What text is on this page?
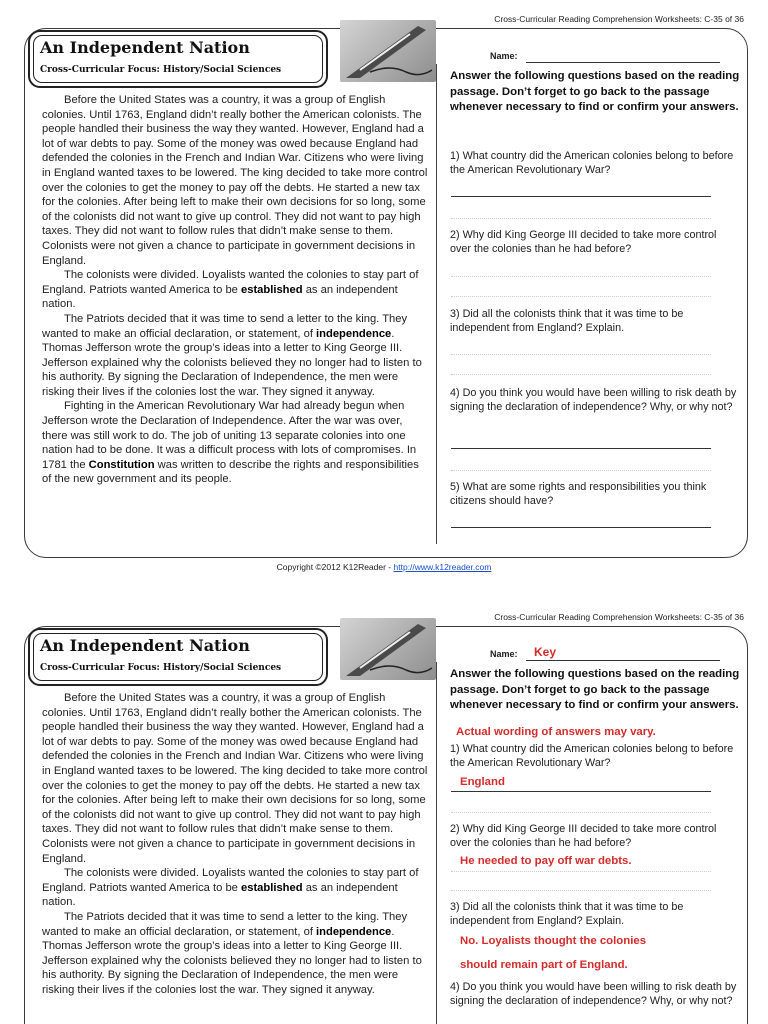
Cross-Curricular Reading Comprehension Worksheets: C-35 of 36
An Independent Nation
Cross-Curricular Focus: History/Social Sciences

Before the United States was a country, it was a group of English colonies. Until 1763, England didn’t really bother the American colonists. The people handled their business the way they wanted. However, England had a lot of war debts to pay. Some of the money was owed because England had defended the colonies in the French and Indian War. Citizens who were living in England wanted taxes to be lowered. The king decided to take more control over the colonies to get the money to pay off the debts. He started a new tax for the colonies. After being left to make their own decisions for so long, some of the colonists did not want to give up control. They did not want to pay high taxes. They did not want to follow rules that didn’t make sense to them. Colonists were not given a chance to participate in government decisions in England.

The colonists were divided. Loyalists wanted the colonies to stay part of England. Patriots wanted America to be established as an independent nation.

The Patriots decided that it was time to send a letter to the king. They wanted to make an official declaration, or statement, of independence. Thomas Jefferson wrote the group’s ideas into a letter to King George III. Jefferson explained why the colonists believed they no longer had to listen to his authority. By signing the Declaration of Independence, the men were risking their lives if the colonies lost the war. They signed it anyway.

Fighting in the American Revolutionary War had already begun when Jefferson wrote the Declaration of Independence. After the war was over, there was still work to do. The job of uniting 13 separate colonies into one nation had to be done. It was a difficult process with lots of compromises. In 1781 the Constitution was written to describe the rights and responsibilities of the new government and its people.

Name:
Answer the following questions based on the reading passage. Don’t forget to go back to the passage whenever necessary to find or confirm your answers.
1) What country did the American colonies belong to before the American Revolutionary War?
2) Why did King George III decided to take more control over the colonies than he had before?
3) Did all the colonists think that it was time to be independent from England? Explain.
4) Do you think you would have been willing to risk death by signing the declaration of independence? Why, or why not?
5) What are some rights and responsibilities you think citizens should have?
Copyright ©2012 K12Reader - http://www.k12reader.com
Cross-Curricular Reading Comprehension Worksheets: C-35 of 36
An Independent Nation
Cross-Curricular Focus: History/Social Sciences

Before the United States was a country, it was a group of English colonies. Until 1763, England didn’t really bother the American colonists. The people handled their business the way they wanted. However, England had a lot of war debts to pay. Some of the money was owed because England had defended the colonies in the French and Indian War. Citizens who were living in England wanted taxes to be lowered. The king decided to take more control over the colonies to get the money to pay off the debts. He started a new tax for the colonies. After being left to make their own decisions for so long, some of the colonists did not want to give up control. They did not want to pay high taxes. They did not want to follow rules that didn’t make sense to them. Colonists were not given a chance to participate in government decisions in England.

The colonists were divided. Loyalists wanted the colonies to stay part of England. Patriots wanted America to be established as an independent nation.

The Patriots decided that it was time to send a letter to the king. They wanted to make an official declaration, or statement, of independence. Thomas Jefferson wrote the group’s ideas into a letter to King George III. Jefferson explained why the colonists believed they no longer had to listen to his authority. By signing the Declaration of Independence, the men were risking their lives if the colonies lost the war. They signed it anyway.

Name: Key
Answer the following questions based on the reading passage. Don’t forget to go back to the passage whenever necessary to find or confirm your answers.
Actual wording of answers may vary.
1) What country did the American colonies belong to before the American Revolutionary War?
England
2) Why did King George III decided to take more control over the colonies than he had before?
He needed to pay off war debts.
3) Did all the colonists think that it was time to be independent from England? Explain.
No. Loyalists thought the colonies
should remain part of England.
4) Do you think you would have been willing to risk death by signing the declaration of independence? Why, or why not?
